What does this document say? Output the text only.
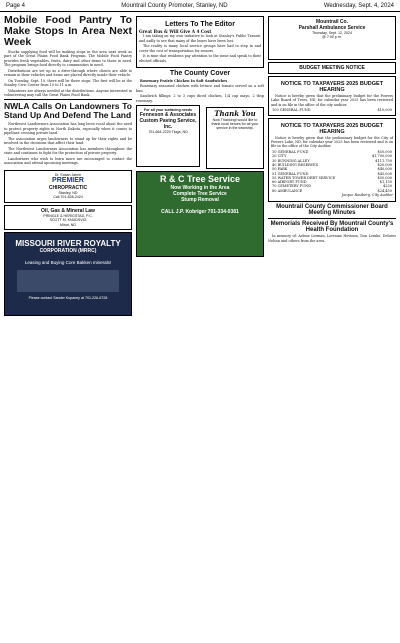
Page 4	Mountrail County Promoter, Stanley, ND	Wednesday, Sept. 4, 2024
Mobile Food Pantry To Make Stops In Area Next Week

Stocks supplying food will be making stops in the area next week as part of the Great Plains Food Bank Program. The Mobile Food Pantry provides fresh vegetables, fruits, dairy and other items to those in need. The program brings food directly to communities in need.

Distributions are set up as a drive-through where clients are able to remain in their vehicles and items are placed directly inside their vehicle.

On Tuesday, Sept. 10, there will be three stops. The first will be at the Stanley Civic Center from 10 to 11 a.m.

Volunteers are always needed at the distributions. Anyone interested in volunteering may call the Great Plains Food Bank.

NWLA Calls On Landowners To Stand Up And Defend The Land

Northwest Landowners Association has long been vocal about the need to protect property rights in North Dakota, especially when it comes to pipelines crossing private land.

The association urges landowners to stand up for their rights and be involved in the decisions that affect their land.

The Northwest Landowners Association has members throughout the state and continues to fight for the protection of private property.

Landowners who wish to learn more are encouraged to contact the association and attend upcoming meetings.

Dr. Susan Jahrin
PREMIER
CHIROPRACTIC
Stanley, ND
Call 701-628-2424
Oil, Gas & Mineral Law
PRINGLE & HERIGSTAD, P.C.
SCOTT M. KNUDSVIG
Minot, ND
MISSOURI RIVER ROYALTY
CORPORATION (MRRC)
Leasing and Buying Core Bakken minerals!
Please contact Sander Kopaney at 701-226-6728
Letters To The Editor
Great Bus & Will Give A 4 Cost

I am taking on my own initiative to look at Stanley's Public Transit, and sadly to see that many of the buses have been lost.

The reality is many local service groups have had to step in and cover the cost of transportation for seniors.

It is time that residents pay attention to the issue and speak to their elected officials.

The County Cover

Rosemary Prairie Chicken In Soft Sandwiches

Rosemary seasoned chicken with lettuce and tomato served on a soft bun.

Sandwich fillings: 2 to 3 cups diced chicken, 1/4 cup mayo, 2 tbsp rosemary.

Thank You
Now Thanking! would like to thank local heroes for all your service in the township.
For all your surfacing needs
Fenneson & Associates
Custom Paving Service, Inc.
701-664-2220 Tioga, ND
R & C Tree Service
Now Working in the Area
Complete Tree Service
Stump Removal
CALL J.P. Kobriger 701-334-0381
Mountrail Co.
Parshall Ambulance Service
Thursday, Sept. 12, 2024
@ 7:00 p.m.
BUDGET MEETING NOTICE
NOTICE TO TAXPAYERS 2025 BUDGET HEARING

Notice is hereby given that the preliminary budget for the Powers Lake Board of Trees, ND, for calendar year 2025 has been reviewed and is on file in the office of the city auditor.

100 GENERAL FUND	$10,000
NOTICE TO TAXPAYERS 2025 BUDGET HEARING

Notice is hereby given that the preliminary budget for the City of Powers Lake, ND, for calendar year 2025 has been reviewed and is on file in the office of the City Auditor.

10 GENERAL FUND	$50,000
20 CITY	$1,700,000
30 RUNNING ALLEY	$111,750
40 BUILDING RESERVES	$20,000
50 PARK	$40,000
51 GENERAL FUND	$45,000
55 WATER TOWER DEBT SERVICE	$50,000
60 AIRPORT FUND	$1,150
70 CEMETERY FUND	$250
80 AMBULANCE	$24,450
Jacque Rasiberg, City Auditor
Mountrail County Commissioner Board Meeting Minutes
Memorials Received By Mountrail County's Health Foundation

In memory of: Arlene Lerman, Lorraine Hovinen, Don Lemke, Delores Nelson and others from the area.
